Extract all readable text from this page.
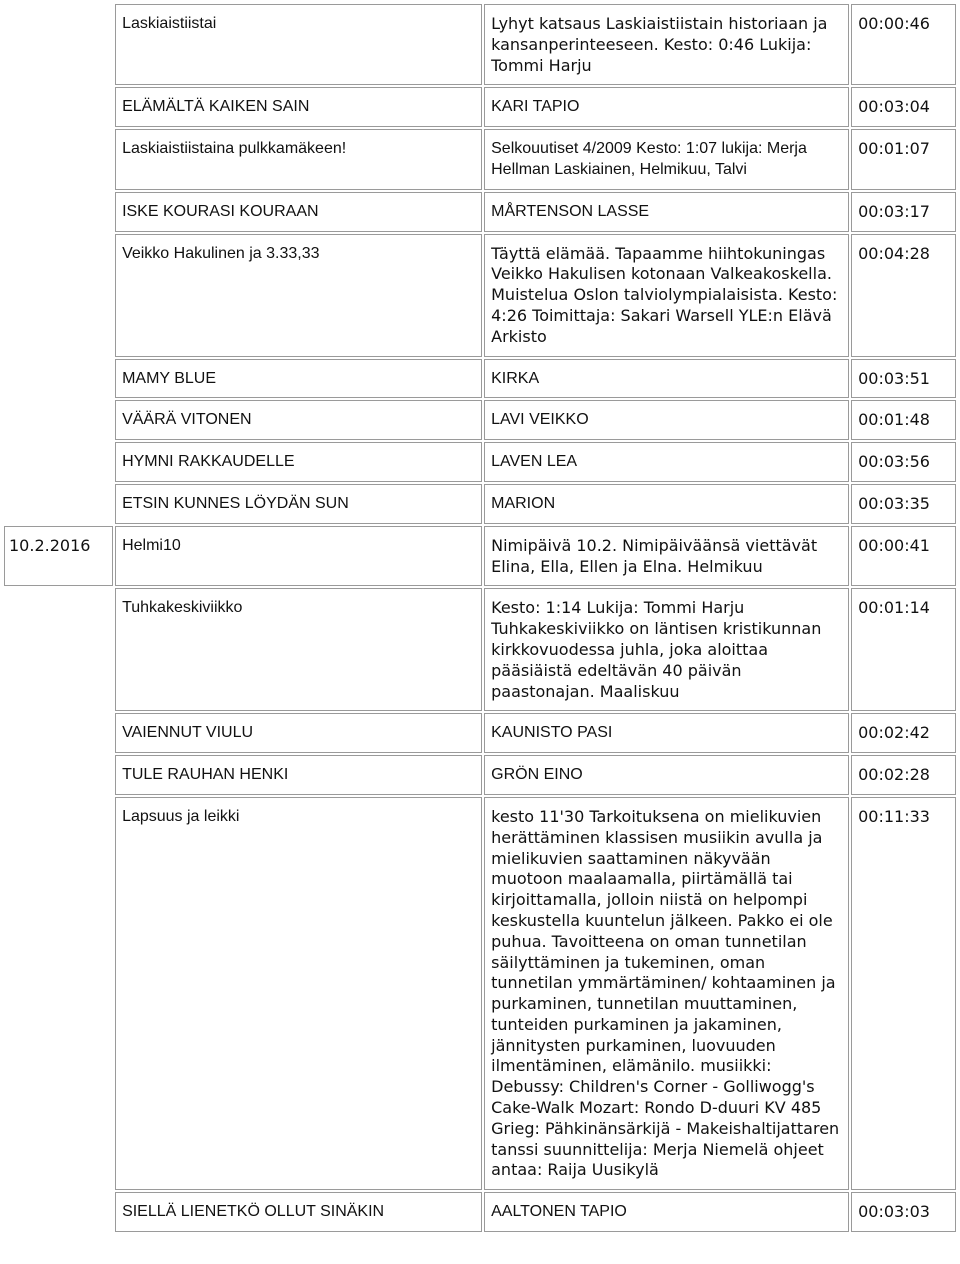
	Laskiaistiistai	Lyhyt katsaus Laskiaistiistain historiaan ja kansanperinteeseen. Kesto: 0:46 Lukija: Tommi Harju	00:00:46
	ELÄMÄLTÄ KAIKEN SAIN	KARI TAPIO	00:03:04
	Laskiaistiistaina pulkkamäkeen!	Selkouutiset 4/2009 Kesto: 1:07 lukija: Merja Hellman Laskiainen, Helmikuu, Talvi	00:01:07
	ISKE KOURASI KOURAAN	MÅRTENSON LASSE	00:03:17
	Veikko Hakulinen ja 3.33,33	Täyttä elämää. Tapaamme hiihtokuningas Veikko Hakulisen kotonaan Valkeakoskella. Muistelua Oslon talviolympialaisista. Kesto: 4:26 Toimittaja: Sakari Warsell YLE:n Elävä Arkisto	00:04:28
	MAMY BLUE	KIRKA	00:03:51
	VÄÄRÄ VITONEN	LAVI VEIKKO	00:01:48
	HYMNI RAKKAUDELLE	LAVEN LEA	00:03:56
	ETSIN KUNNES LÖYDÄN SUN	MARION	00:03:35
10.2.2016	Helmi10	Nimipäivä 10.2. Nimipäiväänsä viettävät Elina, Ella, Ellen ja Elna. Helmikuu	00:00:41
	Tuhkakeskiviikko	Kesto: 1:14 Lukija: Tommi Harju Tuhkakeskiviikko on läntisen kristikunnan kirkkovuodessa juhla, joka aloittaa pääsiäistä edeltävän 40 päivän paastonajan. Maaliskuu	00:01:14
	VAIENNUT VIULU	KAUNISTO PASI	00:02:42
	TULE RAUHAN HENKI	GRÖN EINO	00:02:28
	Lapsuus ja leikki	kesto 11'30 Tarkoituksena on mielikuvien herättäminen klassisen musiikin avulla ja mielikuvien saattaminen näkyvään muotoon maalaamalla, piirtämällä tai kirjoittamalla, jolloin niistä on helpompi keskustella kuuntelun jälkeen. Pakko ei ole puhua. Tavoitteena on oman tunnetilan säilyttäminen ja tukeminen, oman tunnetilan ymmärtäminen/ kohtaaminen ja purkaminen, tunnetilan muuttaminen, tunteiden purkaminen ja jakaminen, jännitysten purkaminen, luovuuden ilmentäminen, elämänilo. musiikki: Debussy: Children's Corner - Golliwogg's Cake-Walk Mozart: Rondo D-duuri KV 485 Grieg: Pähkinänsärkijä - Makeishaltijattaren tanssi suunnittelija: Merja Niemelä ohjeet antaa: Raija Uusikylä	00:11:33
	SIELLÄ LIENETKÖ OLLUT SINÄKIN	AALTONEN TAPIO	00:03:03
